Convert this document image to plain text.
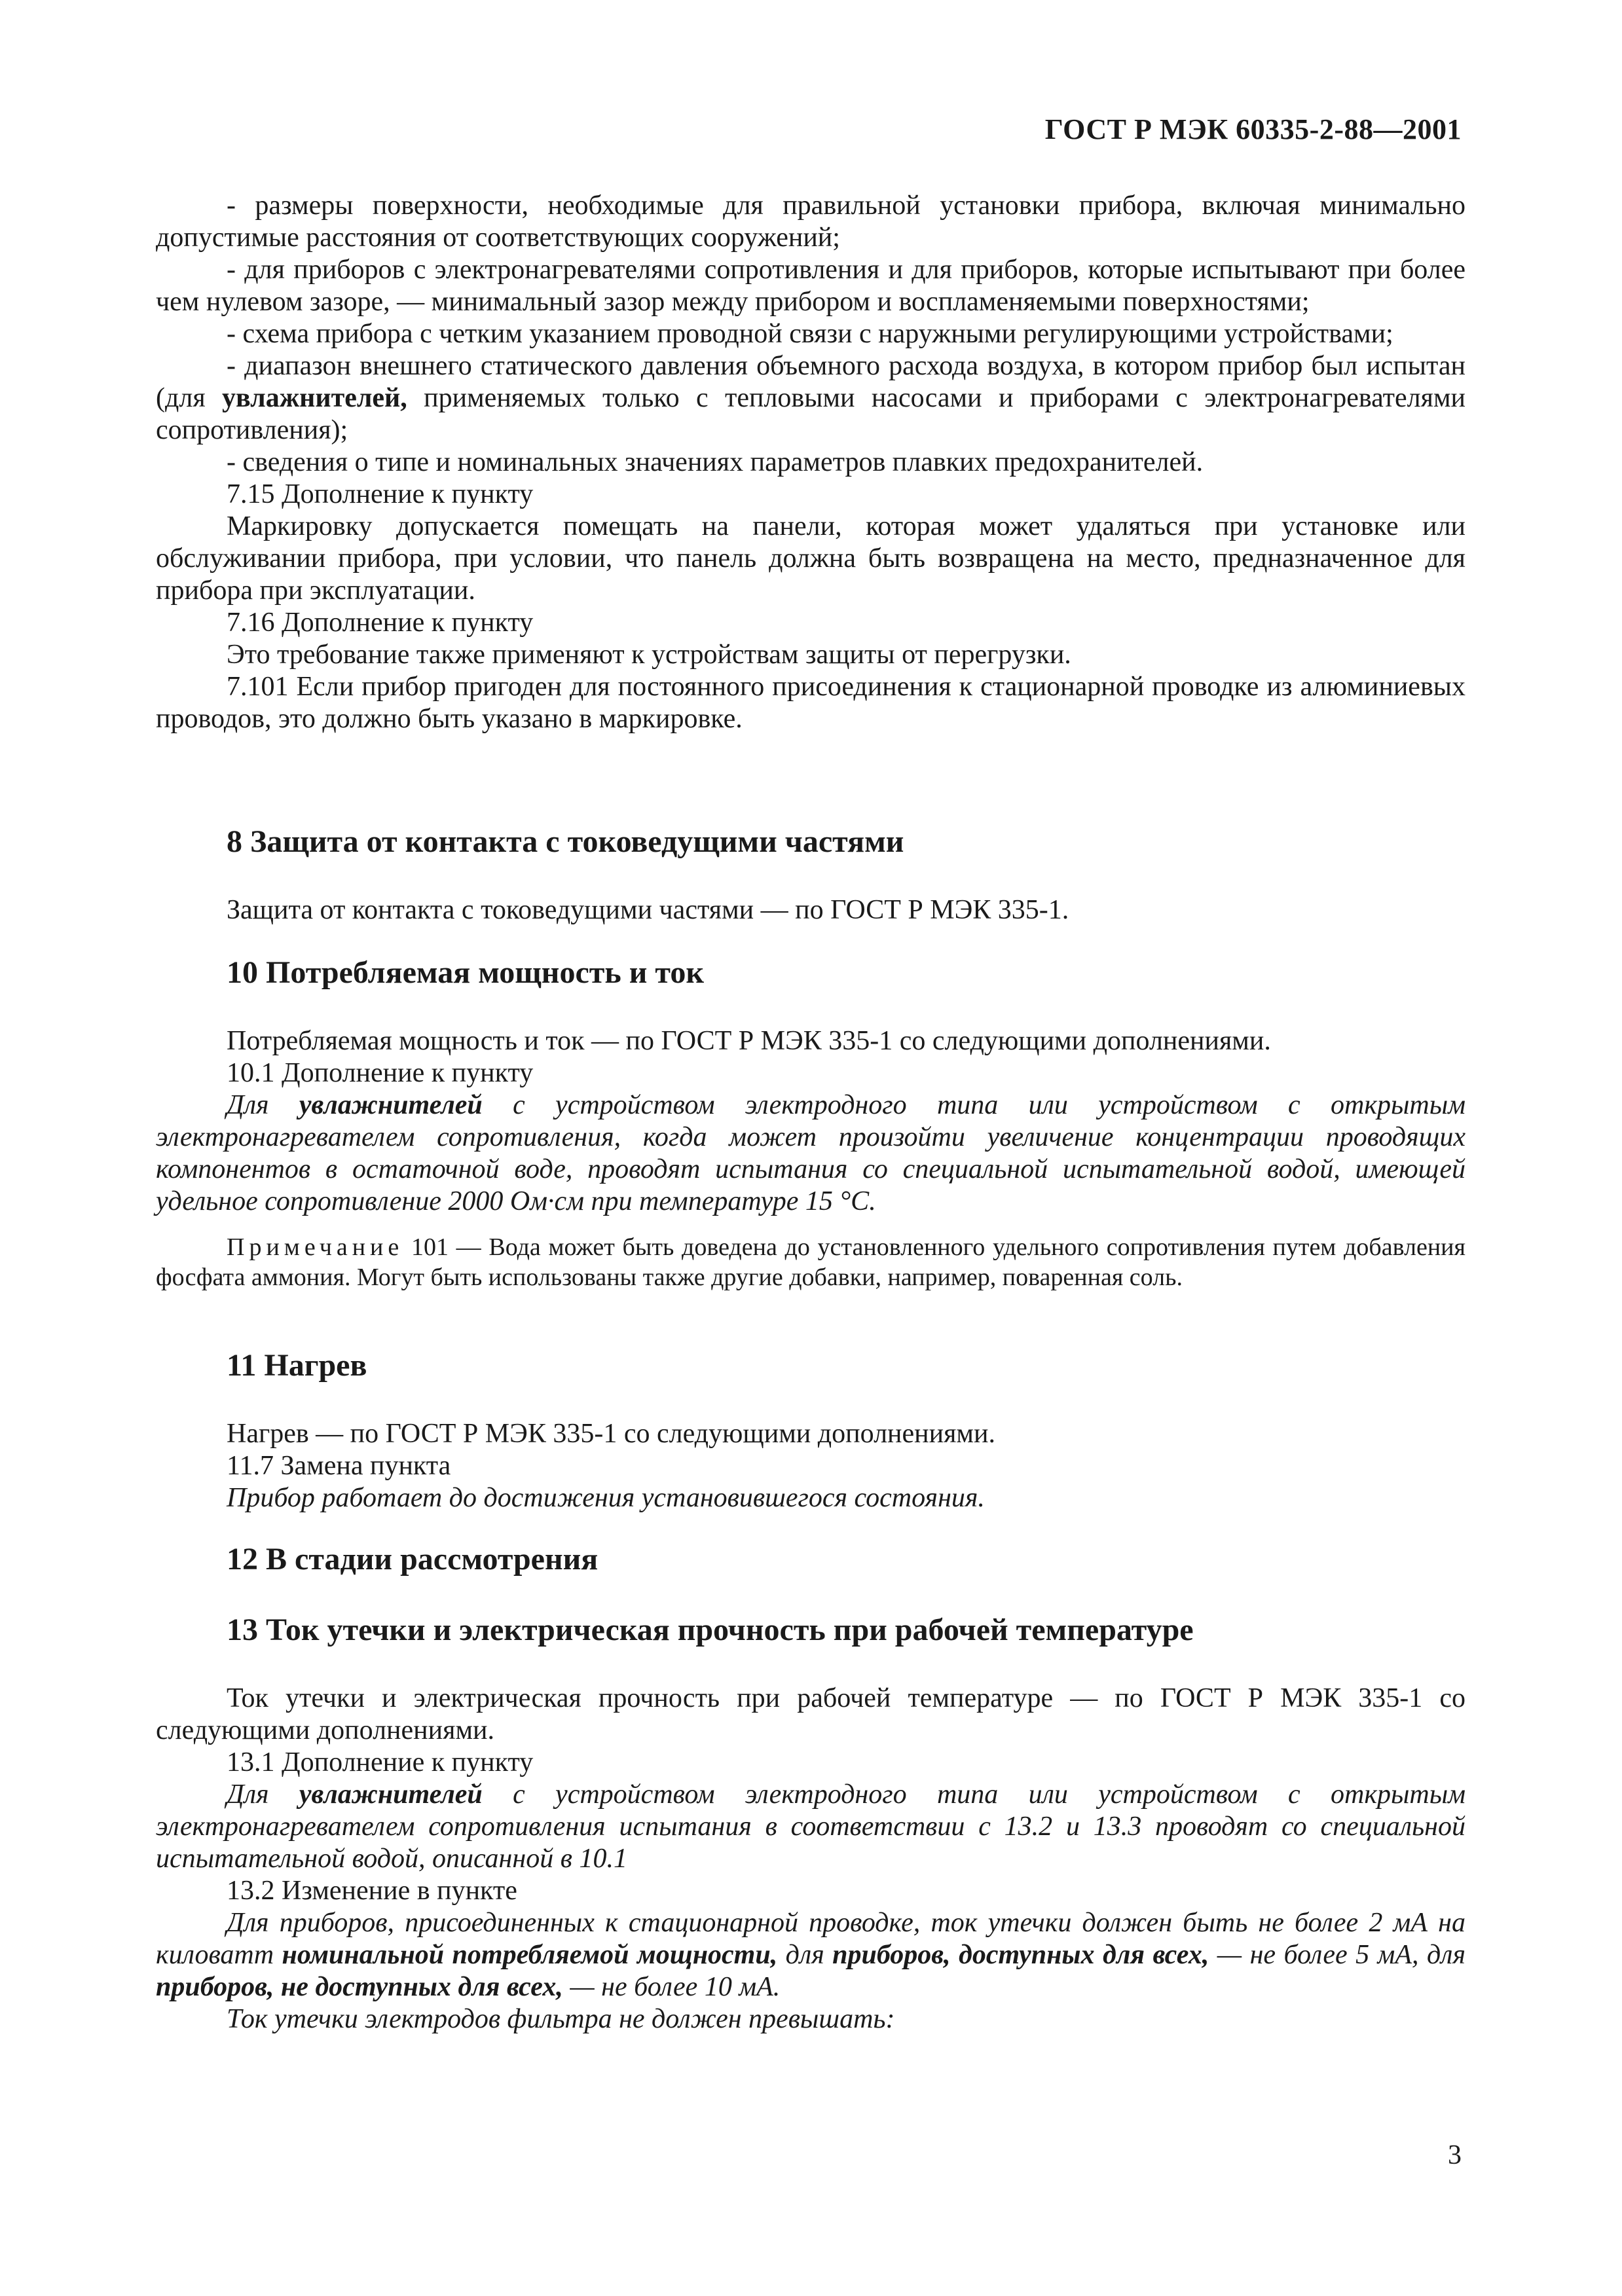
ГОСТ Р МЭК 60335-2-88—2001

- размеры поверхности, необходимые для правильной установки прибора, включая минимально допустимые расстояния от соответствующих сооружений;

- для приборов с электронагревателями сопротивления и для приборов, которые испытывают при более чем нулевом зазоре, — минимальный зазор между прибором и воспламеняемыми поверхностями;

- схема прибора с четким указанием проводной связи с наружными регулирующими устройствами;

- диапазон внешнего статического давления объемного расхода воздуха, в котором прибор был испытан (для увлажнителей, применяемых только с тепловыми насосами и приборами с электронагревателями сопротивления);

- сведения о типе и номинальных значениях параметров плавких предохранителей.

7.15 Дополнение к пункту

Маркировку допускается помещать на панели, которая может удаляться при установке или обслуживании прибора, при условии, что панель должна быть возвращена на место, предназначенное для прибора при эксплуатации.

7.16 Дополнение к пункту

Это требование также применяют к устройствам защиты от перегрузки.

7.101 Если прибор пригоден для постоянного присоединения к стационарной проводке из алюминиевых проводов, это должно быть указано в маркировке.

8 Защита от контакта с токоведущими частями

Защита от контакта с токоведущими частями — по ГОСТ Р МЭК 335-1.

10 Потребляемая мощность и ток

Потребляемая мощность и ток — по ГОСТ Р МЭК 335-1 со следующими дополнениями.

10.1 Дополнение к пункту

Для увлажнителей с устройством электродного типа или устройством с открытым электронагревателем сопротивления, когда может произойти увеличение концентрации проводящих компонентов в остаточной воде, проводят испытания со специальной испытательной водой, имеющей удельное сопротивление 2000 Ом·см при температуре 15 °С.

Примечание 101 — Вода может быть доведена до установленного удельного сопротивления путем добавления фосфата аммония. Могут быть использованы также другие добавки, например, поваренная соль.

11 Нагрев

Нагрев — по ГОСТ Р МЭК 335-1 со следующими дополнениями.

11.7 Замена пункта

Прибор работает до достижения установившегося состояния.

12 В стадии рассмотрения
13 Ток утечки и электрическая прочность при рабочей температуре

Ток утечки и электрическая прочность при рабочей температуре — по ГОСТ Р МЭК 335-1 со следующими дополнениями.

13.1 Дополнение к пункту

Для увлажнителей с устройством электродного типа или устройством с открытым электронагревателем сопротивления испытания в соответствии с 13.2 и 13.3 проводят со специальной испытательной водой, описанной в 10.1

13.2 Изменение в пункте

Для приборов, присоединенных к стационарной проводке, ток утечки должен быть не более 2 мА на киловатт номинальной потребляемой мощности, для приборов, доступных для всех, — не более 5 мА, для приборов, не доступных для всех, — не более 10 мА.

Ток утечки электродов фильтра не должен превышать:

3
